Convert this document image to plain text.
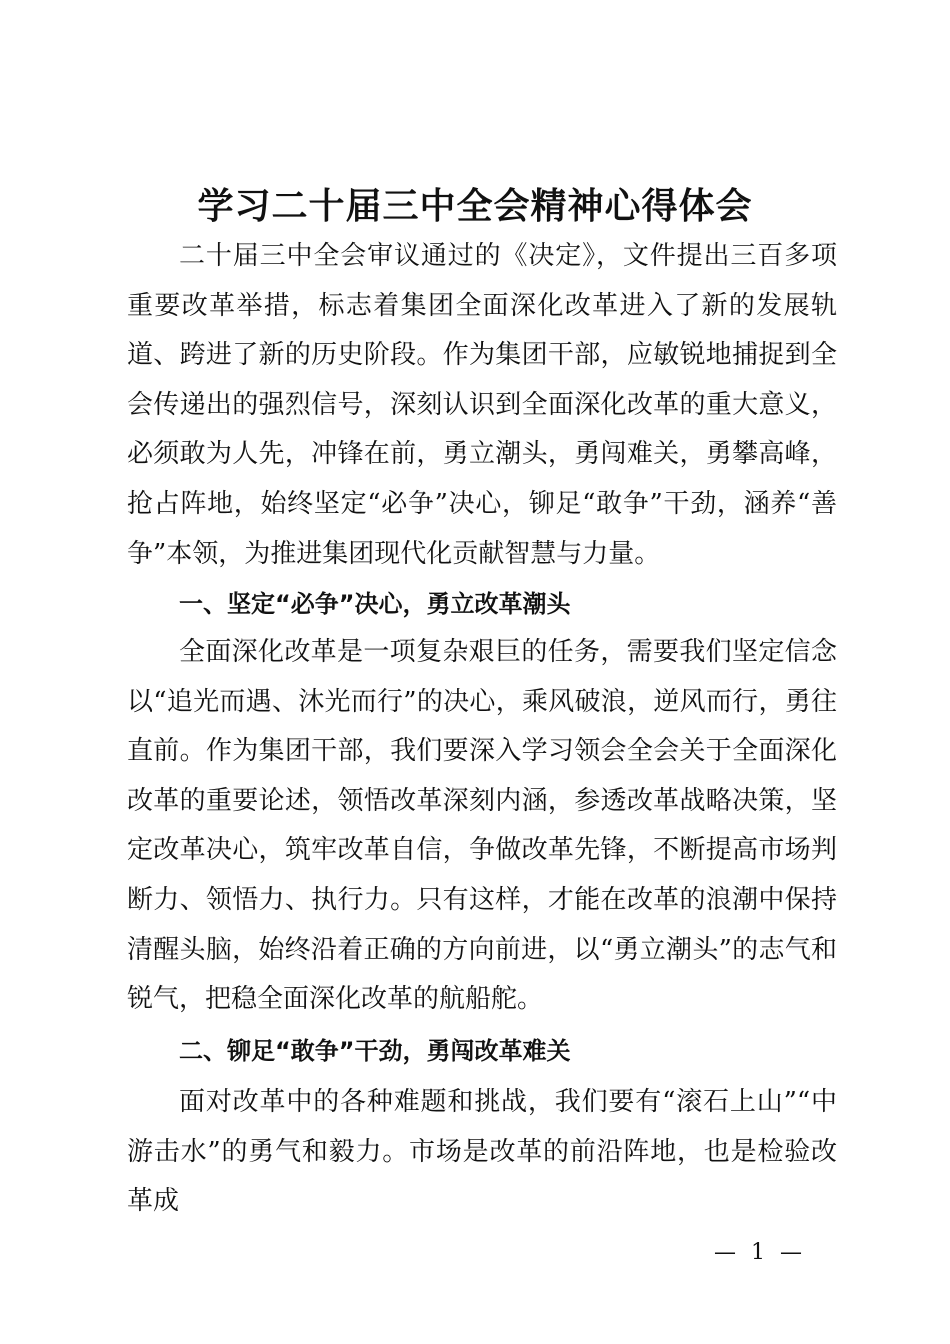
学习二十届三中全会精神心得体会

二十届三中全会审议通过的《决定》，文件提出三百多项重要改革举措，标志着集团全面深化改革进入了新的发展轨道、跨进了新的历史阶段。作为集团干部，应敏锐地捕捉到全会传递出的强烈信号，深刻认识到全面深化改革的重大意义，必须敢为人先，冲锋在前，勇立潮头，勇闯难关，勇攀高峰，抢占阵地，始终坚定“必争”决心，铆足“敢争”干劲，涵养“善争”本领，为推进集团现代化贡献智慧与力量。

一、坚定“必争”决心，勇立改革潮头

全面深化改革是一项复杂艰巨的任务，需要我们坚定信念以“追光而遇、沐光而行”的决心，乘风破浪，逆风而行，勇往直前。作为集团干部，我们要深入学习领会全会关于全面深化改革的重要论述，领悟改革深刻内涵，参透改革战略决策，坚定改革决心，筑牢改革自信，争做改革先锋，不断提高市场判断力、领悟力、执行力。只有这样，才能在改革的浪潮中保持清醒头脑，始终沿着正确的方向前进，以“勇立潮头”的志气和锐气，把稳全面深化改革的航船舵。

二、铆足“敢争”干劲，勇闯改革难关

面对改革中的各种难题和挑战，我们要有“滚石上山”“中游击水”的勇气和毅力。市场是改革的前沿阵地，也是检验改革成

— 1 —
